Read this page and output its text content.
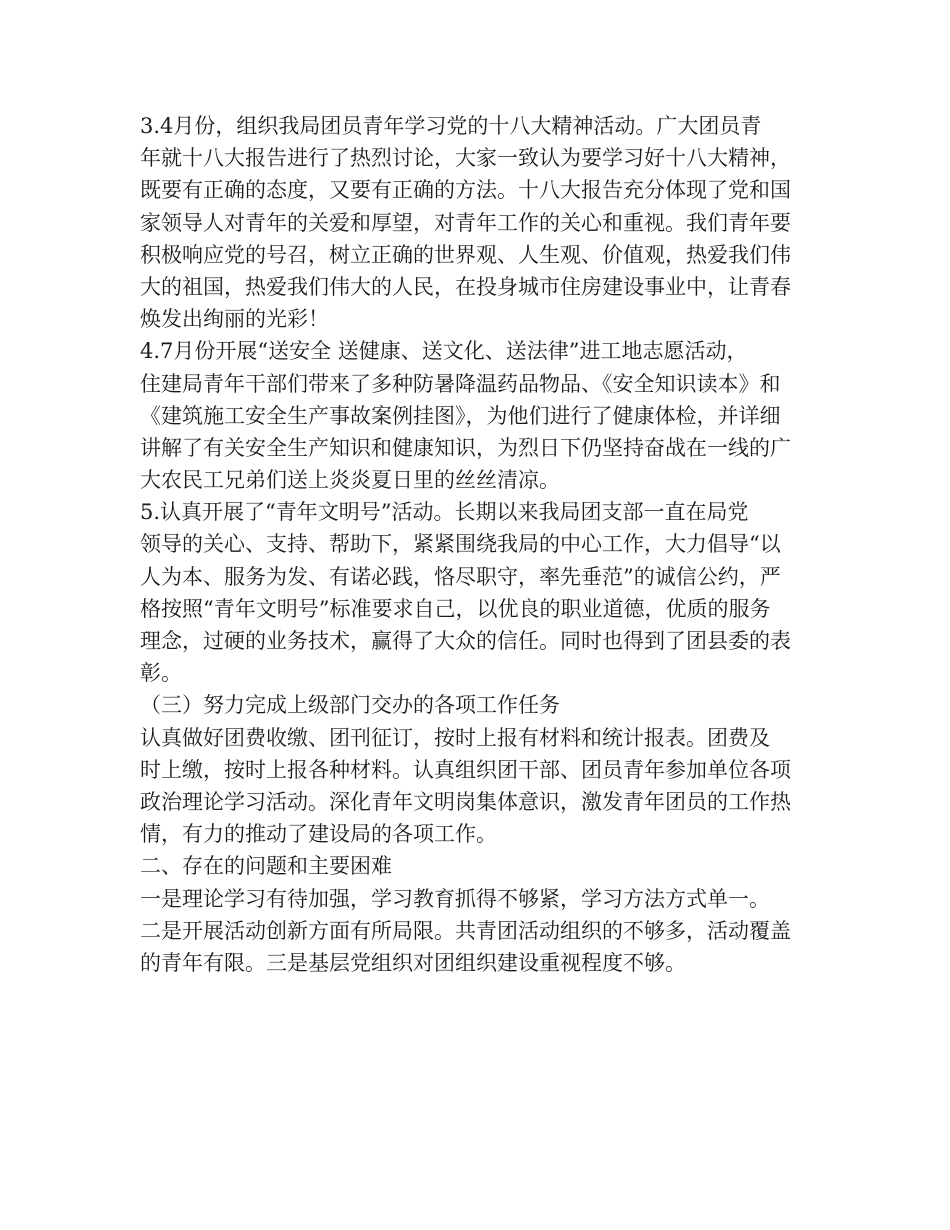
3.4月份，组织我局团员青年学习党的十八大精神活动。广大团员青
年就十八大报告进行了热烈讨论，大家一致认为要学习好十八大精神，
既要有正确的态度，又要有正确的方法。十八大报告充分体现了党和国
家领导人对青年的关爱和厚望，对青年工作的关心和重视。我们青年要
积极响应党的号召，树立正确的世界观、人生观、价值观，热爱我们伟
大的祖国，热爱我们伟大的人民，在投身城市住房建设事业中，让青春
焕发出绚丽的光彩！
4.7月份开展“送安全 送健康、送文化、送法律”进工地志愿活动，
住建局青年干部们带来了多种防暑降温药品物品、《安全知识读本》和
《建筑施工安全生产事故案例挂图》，为他们进行了健康体检，并详细
讲解了有关安全生产知识和健康知识，为烈日下仍坚持奋战在一线的广
大农民工兄弟们送上炎炎夏日里的丝丝清凉。
5.认真开展了“青年文明号”活动。长期以来我局团支部一直在局党
领导的关心、支持、帮助下，紧紧围绕我局的中心工作，大力倡导“以
人为本、服务为发、有诺必践，恪尽职守，率先垂范”的诚信公约，严
格按照“青年文明号”标准要求自己，以优良的职业道德，优质的服务
理念，过硬的业务技术，赢得了大众的信任。同时也得到了团县委的表
彰。
（三）努力完成上级部门交办的各项工作任务
认真做好团费收缴、团刊征订，按时上报有材料和统计报表。团费及
时上缴，按时上报各种材料。认真组织团干部、团员青年参加单位各项
政治理论学习活动。深化青年文明岗集体意识，激发青年团员的工作热
情，有力的推动了建设局的各项工作。
二、存在的问题和主要困难
一是理论学习有待加强，学习教育抓得不够紧，学习方法方式单一。
二是开展活动创新方面有所局限。共青团活动组织的不够多，活动覆盖
的青年有限。三是基层党组织对团组织建设重视程度不够。
